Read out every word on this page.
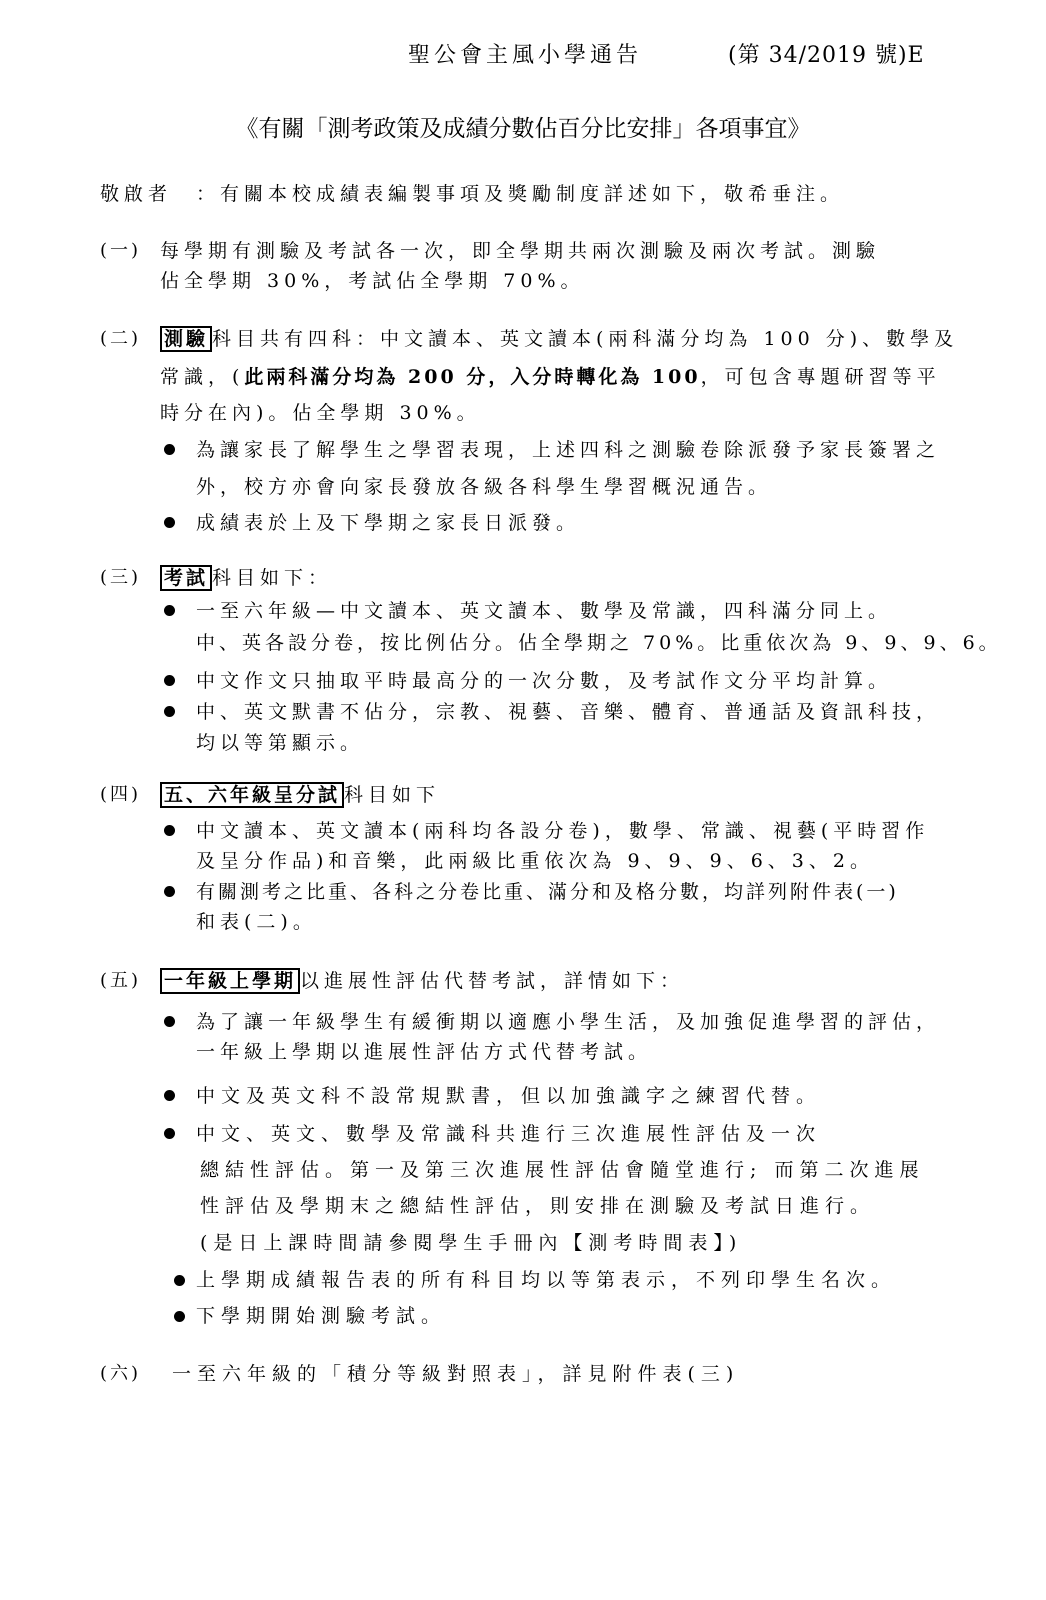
聖公會主風小學通告	(第 34/2019 號)E
《有關「測考政策及成績分數佔百分比安排」各項事宜》
敬啟者　：有關本校成績表編製事項及獎勵制度詳述如下，敬希垂注。
(一) 每學期有測驗及考試各一次，即全學期共兩次測驗及兩次考試。測驗
佔全學期 30%，考試佔全學期 70%。
(二) 測驗 科目共有四科：中文讀本、英文讀本(兩科滿分均為 100 分)、數學及
常識，(此兩科滿分均為 200 分，入分時轉化為 100，可包含專題研習等平
時分在內)。佔全學期 30%。
為讓家長了解學生之學習表現，上述四科之測驗卷除派發予家長簽署之
外，校方亦會向家長發放各級各科學生學習概況通告。
成績表於上及下學期之家長日派發。
(三) 考試 科目如下：
一至六年級—中文讀本、英文讀本、數學及常識，四科滿分同上。
中、英各設分卷，按比例佔分。佔全學期之 70%。比重依次為 9、9、9、6。
中文作文只抽取平時最高分的一次分數，及考試作文分平均計算。
中、英文默書不佔分，宗教、視藝、音樂、體育、普通話及資訊科技，
均以等第顯示。
(四) 五、六年級呈分試 科目如下
中文讀本、英文讀本(兩科均各設分卷)，數學、常識、視藝(平時習作
及呈分作品)和音樂，此兩級比重依次為 9、9、9、6、3、2。
有關測考之比重、各科之分卷比重、滿分和及格分數，均詳列附件表(一)
和表(二)。
(五) 一年級上學期 以進展性評估代替考試，詳情如下：
為了讓一年級學生有緩衝期以適應小學生活，及加強促進學習的評估，
一年級上學期以進展性評估方式代替考試。
中文及英文科不設常規默書，但以加強識字之練習代替。
中文、英文、數學及常識科共進行三次進展性評估及一次
總結性評估。第一及第三次進展性評估會隨堂進行; 而第二次進展
性評估及學期末之總結性評估，則安排在測驗及考試日進行。
(是日上課時間請參閱學生手冊內【測考時間表】)
上學期成績報告表的所有科目均以等第表示，不列印學生名次。
下學期開始測驗考試。
(六) 一至六年級的「積分等級對照表」，詳見附件表(三)
